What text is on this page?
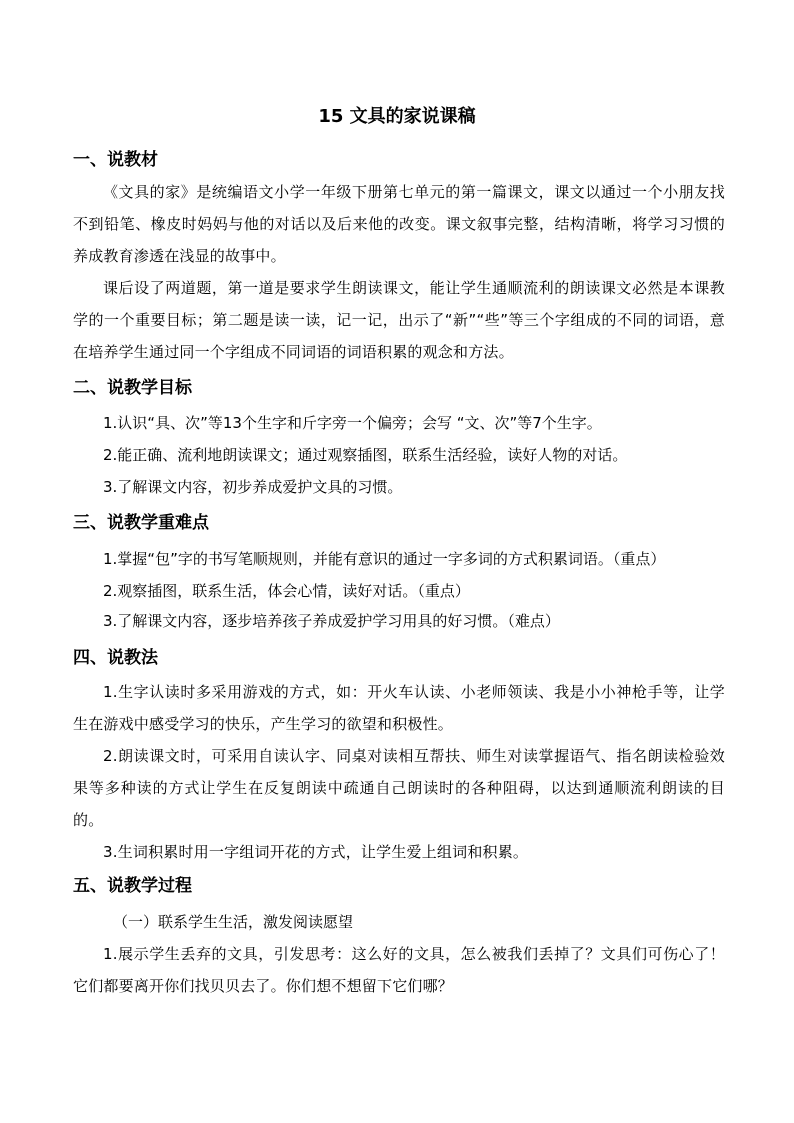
15 文具的家说课稿
一、说教材
《文具的家》是统编语文小学一年级下册第七单元的第一篇课文，课文以通过一个小朋友找不到铅笔、橡皮时妈妈与他的对话以及后来他的改变。课文叙事完整，结构清晰，将学习习惯的养成教育渗透在浅显的故事中。
课后设了两道题，第一道是要求学生朗读课文，能让学生通顺流利的朗读课文必然是本课教学的一个重要目标；第二题是读一读，记一记，出示了“新”“些”等三个字组成的不同的词语，意在培养学生通过同一个字组成不同词语的词语积累的观念和方法。
二、说教学目标
1.认识“具、次”等13个生字和斤字旁一个偏旁；会写 “文、次”等7个生字。
2.能正确、流利地朗读课文；通过观察插图，联系生活经验，读好人物的对话。
3.了解课文内容，初步养成爱护文具的习惯。
三、说教学重难点
1.掌握“包”字的书写笔顺规则，并能有意识的通过一字多词的方式积累词语。（重点）
2.观察插图，联系生活，体会心情，读好对话。（重点）
3.了解课文内容，逐步培养孩子养成爱护学习用具的好习惯。（难点）
四、说教法
1.生字认读时多采用游戏的方式，如：开火车认读、小老师领读、我是小小神枪手等，让学生在游戏中感受学习的快乐，产生学习的欲望和积极性。
2.朗读课文时，可采用自读认字、同桌对读相互帮扶、师生对读掌握语气、指名朗读检验效果等多种读的方式让学生在反复朗读中疏通自己朗读时的各种阻碍，以达到通顺流利朗读的目的。
3.生词积累时用一字组词开花的方式，让学生爱上组词和积累。
五、说教学过程
（一）联系学生生活，激发阅读愿望
1.展示学生丢弃的文具，引发思考：这么好的文具，怎么被我们丢掉了？文具们可伤心了！它们都要离开你们找贝贝去了。你们想不想留下它们哪？
